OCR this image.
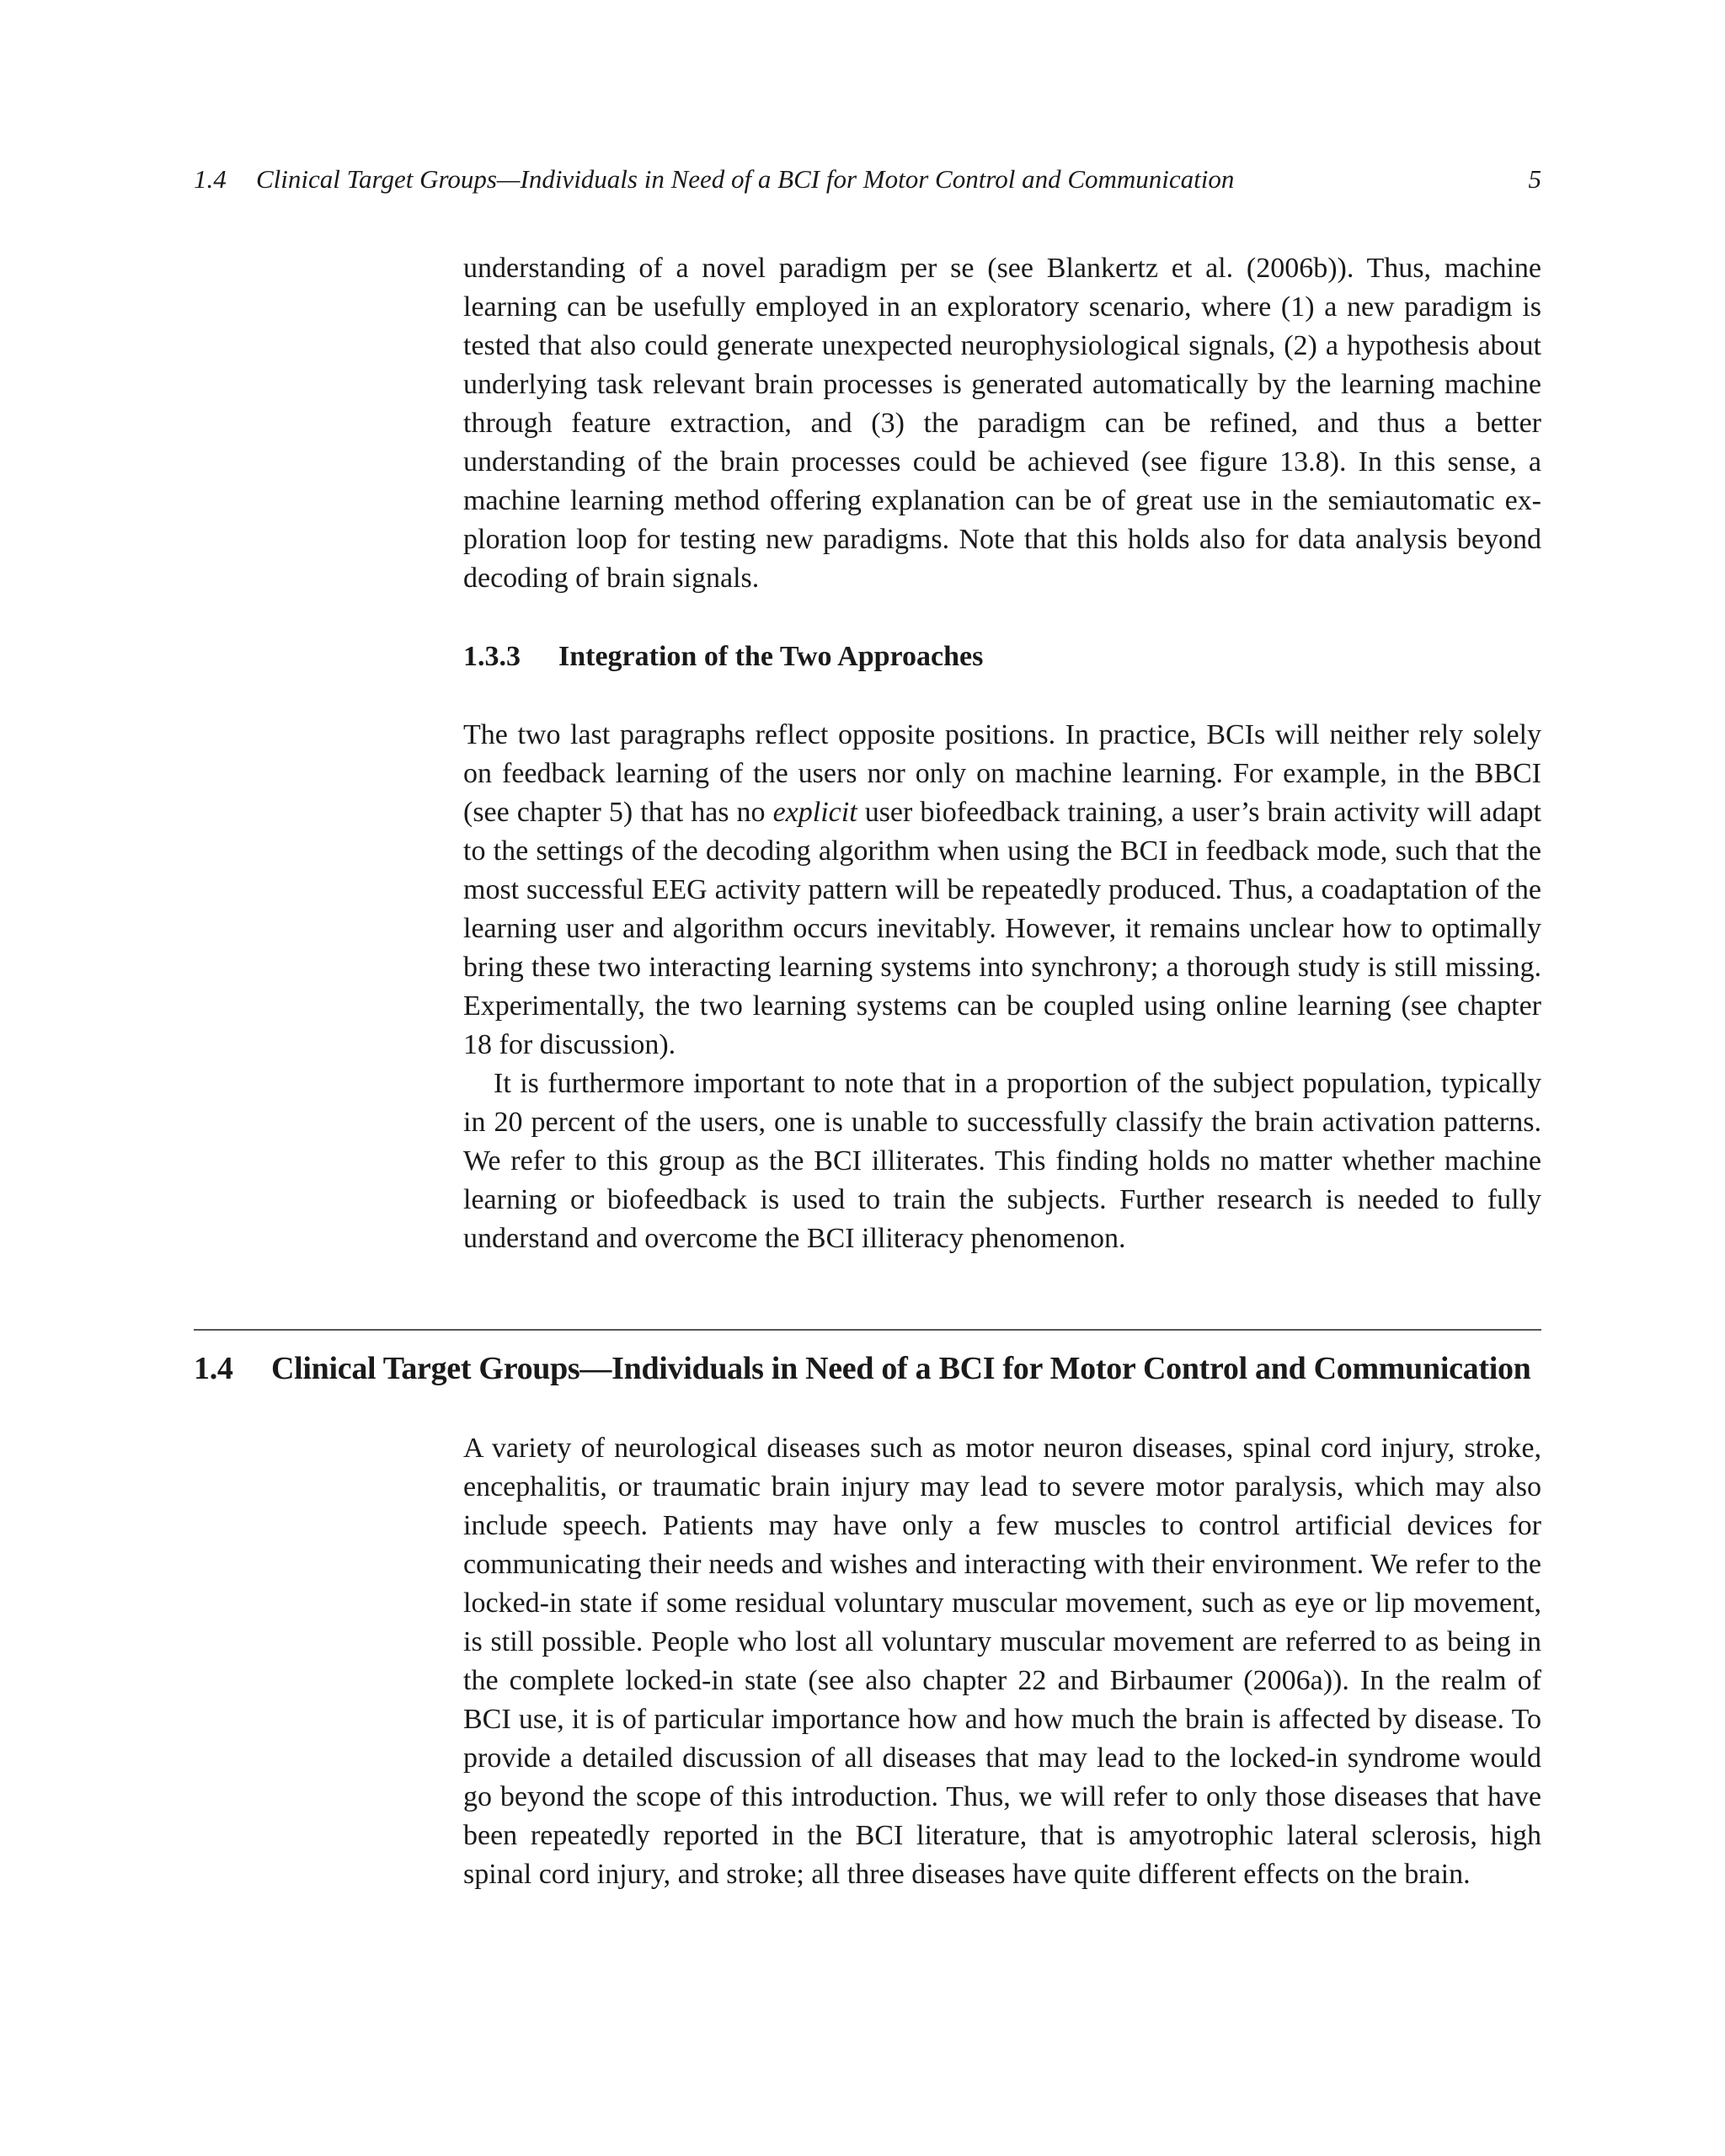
1.4 Clinical Target Groups—Individuals in Need of a BCI for Motor Control and Communication	5

understanding of a novel paradigm per se (see Blankertz et al. (2006b)). Thus, machine learning can be usefully employed in an exploratory scenario, where (1) a new paradigm is tested that also could generate unexpected neurophysiological signals, (2) a hypothesis about underlying task relevant brain processes is generated automatically by the learning machine through feature extraction, and (3) the paradigm can be refined, and thus a better understanding of the brain processes could be achieved (see figure 13.8). In this sense, a machine learning method offering explanation can be of great use in the semiautomatic exploration loop for testing new paradigms. Note that this holds also for data analysis beyond decoding of brain signals.

1.3.3 Integration of the Two Approaches

The two last paragraphs reflect opposite positions. In practice, BCIs will neither rely solely on feedback learning of the users nor only on machine learning. For example, in the BBCI (see chapter 5) that has no explicit user biofeedback training, a user’s brain activity will adapt to the settings of the decoding algorithm when using the BCI in feedback mode, such that the most successful EEG activity pattern will be repeatedly produced. Thus, a coadaptation of the learning user and algorithm occurs inevitably. However, it remains unclear how to optimally bring these two interacting learning systems into synchrony; a thorough study is still missing. Experimentally, the two learning systems can be coupled using online learning (see chapter 18 for discussion).

It is furthermore important to note that in a proportion of the subject population, typically in 20 percent of the users, one is unable to successfully classify the brain activation patterns. We refer to this group as the BCI illiterates. This finding holds no matter whether machine learning or biofeedback is used to train the subjects. Further research is needed to fully understand and overcome the BCI illiteracy phenomenon.

1.4 Clinical Target Groups—Individuals in Need of a BCI for Motor Control and Communication

A variety of neurological diseases such as motor neuron diseases, spinal cord injury, stroke, encephalitis, or traumatic brain injury may lead to severe motor paralysis, which may also include speech. Patients may have only a few muscles to control artificial devices for communicating their needs and wishes and interacting with their environment. We refer to the locked-in state if some residual voluntary muscular movement, such as eye or lip movement, is still possible. People who lost all voluntary muscular movement are referred to as being in the complete locked-in state (see also chapter 22 and Birbaumer (2006a)). In the realm of BCI use, it is of particular importance how and how much the brain is affected by disease. To provide a detailed discussion of all diseases that may lead to the locked-in syndrome would go beyond the scope of this introduction. Thus, we will refer to only those diseases that have been repeatedly reported in the BCI literature, that is amyotrophic lateral sclerosis, high spinal cord injury, and stroke; all three diseases have quite different effects on the brain.
